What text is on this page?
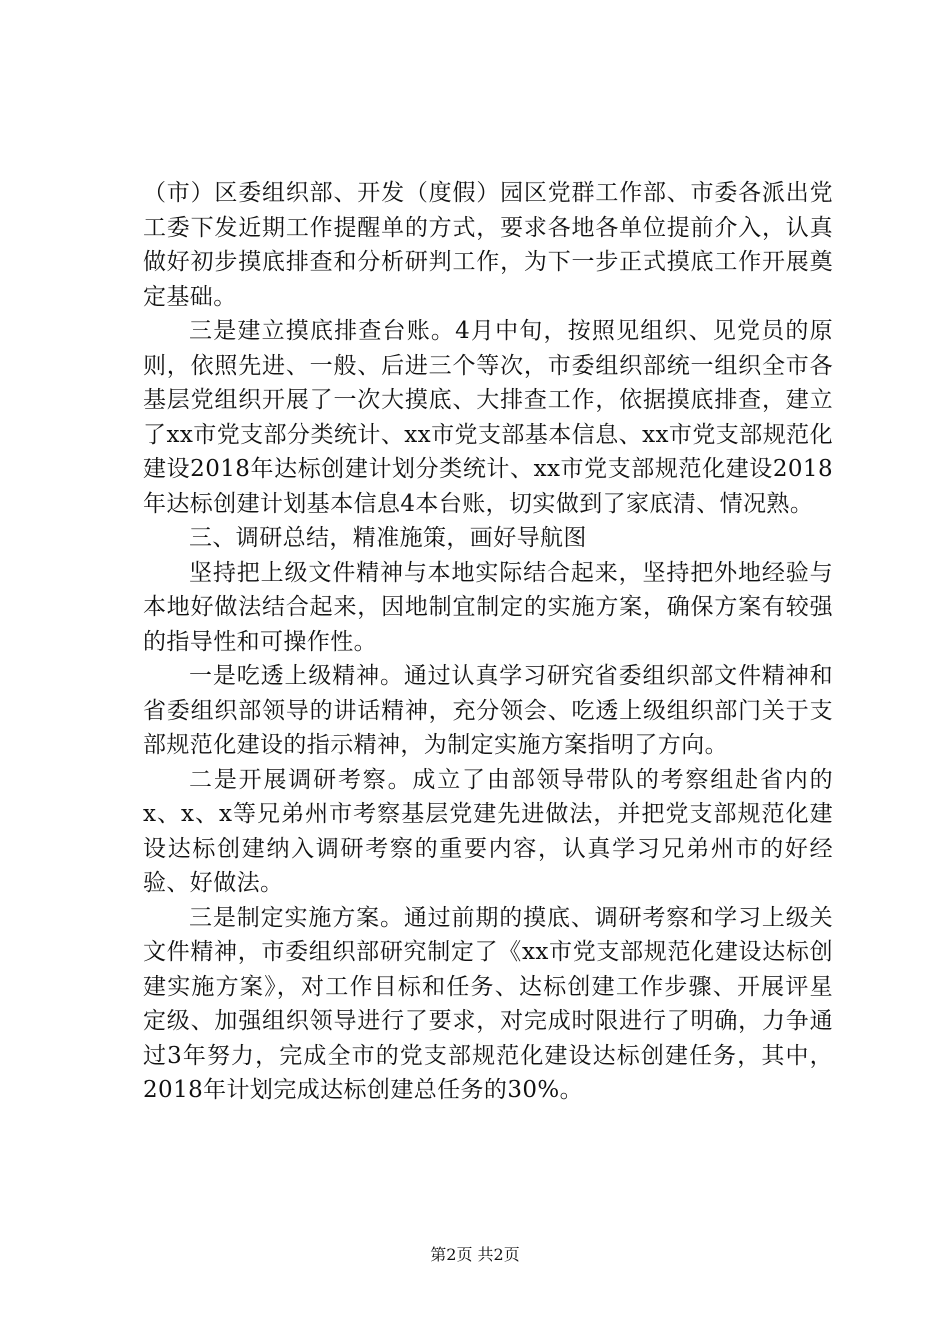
（市）区委组织部、开发（度假）园区党群工作部、市委各派出党工委下发近期工作提醒单的方式，要求各地各单位提前介入，认真做好初步摸底排查和分析研判工作，为下一步正式摸底工作开展奠定基础。

三是建立摸底排查台账。4月中旬，按照见组织、见党员的原则，依照先进、一般、后进三个等次，市委组织部统一组织全市各基层党组织开展了一次大摸底、大排查工作，依据摸底排查，建立了xx市党支部分类统计、xx市党支部基本信息、xx市党支部规范化建设2018年达标创建计划分类统计、xx市党支部规范化建设2018年达标创建计划基本信息4本台账，切实做到了家底清、情况熟。

三、调研总结，精准施策，画好导航图

坚持把上级文件精神与本地实际结合起来，坚持把外地经验与本地好做法结合起来，因地制宜制定的实施方案，确保方案有较强的指导性和可操作性。

一是吃透上级精神。通过认真学习研究省委组织部文件精神和省委组织部领导的讲话精神，充分领会、吃透上级组织部门关于支部规范化建设的指示精神，为制定实施方案指明了方向。

二是开展调研考察。成立了由部领导带队的考察组赴省内的x、x、x等兄弟州市考察基层党建先进做法，并把党支部规范化建设达标创建纳入调研考察的重要内容，认真学习兄弟州市的好经验、好做法。

三是制定实施方案。通过前期的摸底、调研考察和学习上级关文件精神，市委组织部研究制定了《xx市党支部规范化建设达标创建实施方案》，对工作目标和任务、达标创建工作步骤、开展评星定级、加强组织领导进行了要求，对完成时限进行了明确，力争通过3年努力，完成全市的党支部规范化建设达标创建任务，其中，2018年计划完成达标创建总任务的30%。

第2页 共2页
